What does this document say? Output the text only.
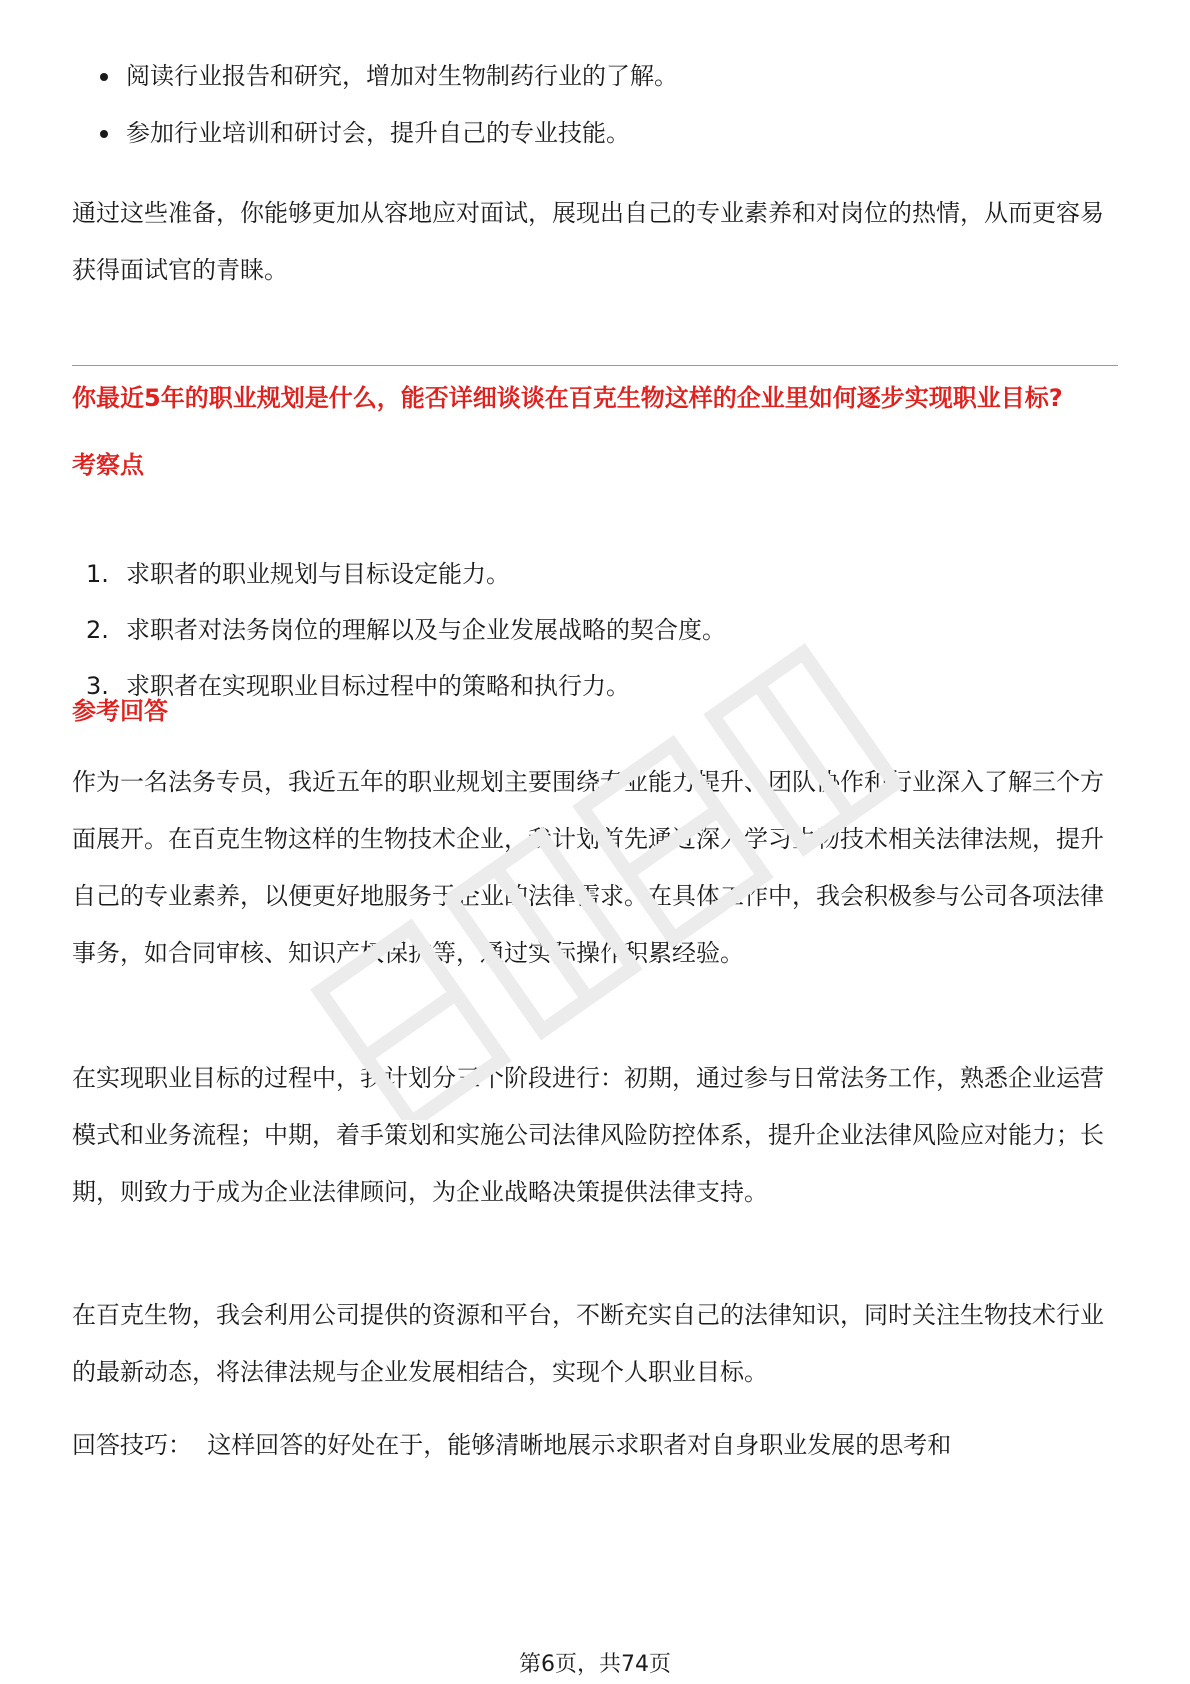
阅读行业报告和研究，增加对生物制药行业的了解。
参加行业培训和研讨会，提升自己的专业技能。

通过这些准备，你能够更加从容地应对面试，展现出自己的专业素养和对岗位的热情，从而更容易获得面试官的青睐。

你最近5年的职业规划是什么，能否详细谈谈在百克生物这样的企业里如何逐步实现职业目标?

考察点

1. 求职者的职业规划与目标设定能力。
2. 求职者对法务岗位的理解以及与企业发展战略的契合度。
3. 求职者在实现职业目标过程中的策略和执行力。

参考回答

作为一名法务专员，我近五年的职业规划主要围绕专业能力提升、团队协作和行业深入了解三个方面展开。在百克生物这样的生物技术企业，我计划首先通过深入学习生物技术相关法律法规，提升自己的专业素养，以便更好地服务于企业的法律需求。在具体工作中，我会积极参与公司各项法律事务，如合同审核、知识产权保护等，通过实际操作积累经验。

在实现职业目标的过程中，我计划分三个阶段进行：初期，通过参与日常法务工作，熟悉企业运营模式和业务流程；中期，着手策划和实施公司法律风险防控体系，提升企业法律风险应对能力；长期，则致力于成为企业法律顾问，为企业战略决策提供法律支持。

在百克生物，我会利用公司提供的资源和平台，不断充实自己的法律知识，同时关注生物技术行业的最新动态，将法律法规与企业发展相结合，实现个人职业目标。

回答技巧：  这样回答的好处在于，能够清晰地展示求职者对自身职业发展的思考和

第6页，共74页
